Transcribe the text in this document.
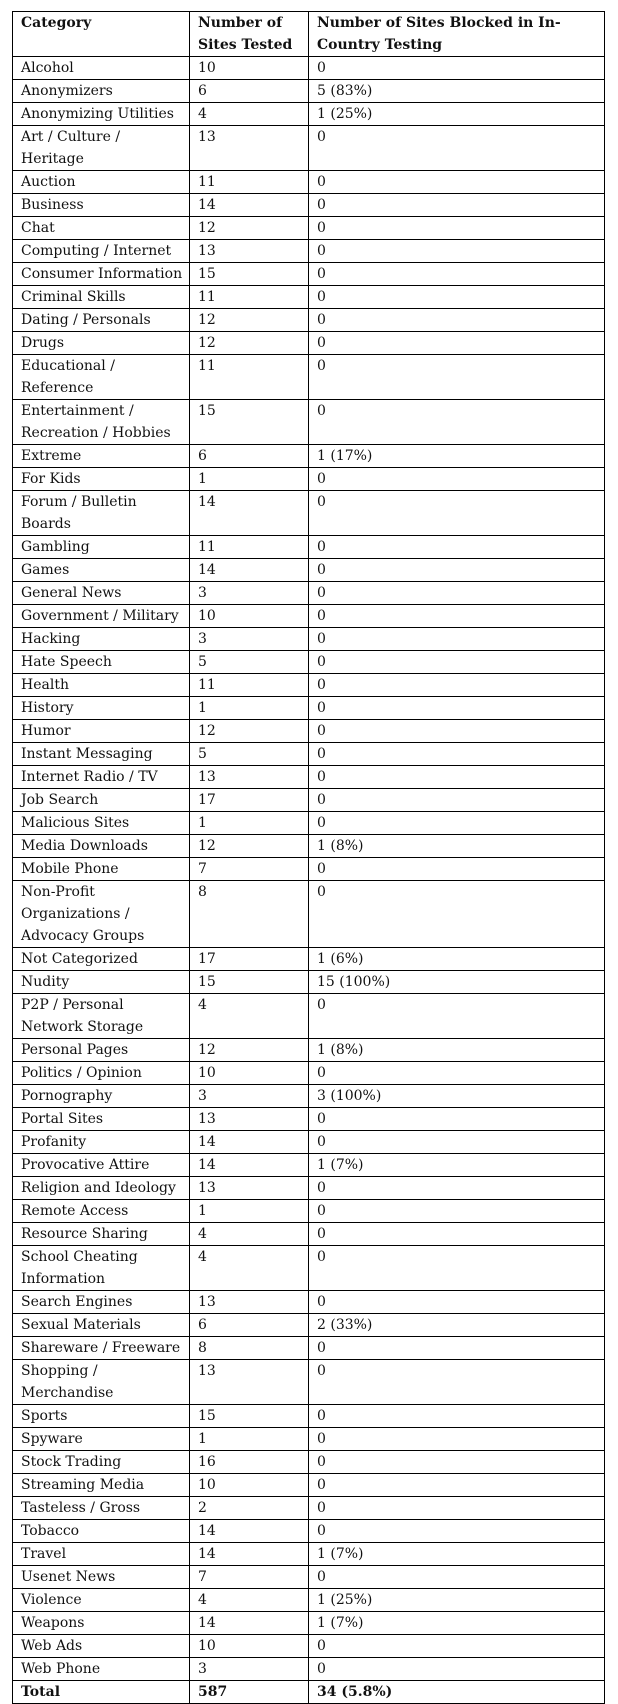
Category	Number of Sites Tested	Number of Sites Blocked in In-Country Testing
Alcohol	10	0
Anonymizers	6	5 (83%)
Anonymizing Utilities	4	1 (25%)
Art / Culture / Heritage	13	0
Auction	11	0
Business	14	0
Chat	12	0
Computing / Internet	13	0
Consumer Information	15	0
Criminal Skills	11	0
Dating / Personals	12	0
Drugs	12	0
Educational / Reference	11	0
Entertainment / Recreation / Hobbies	15	0
Extreme	6	1 (17%)
For Kids	1	0
Forum / Bulletin Boards	14	0
Gambling	11	0
Games	14	0
General News	3	0
Government / Military	10	0
Hacking	3	0
Hate Speech	5	0
Health	11	0
History	1	0
Humor	12	0
Instant Messaging	5	0
Internet Radio / TV	13	0
Job Search	17	0
Malicious Sites	1	0
Media Downloads	12	1 (8%)
Mobile Phone	7	0
Non-Profit Organizations / Advocacy Groups	8	0
Not Categorized	17	1 (6%)
Nudity	15	15 (100%)
P2P / Personal Network Storage	4	0
Personal Pages	12	1 (8%)
Politics / Opinion	10	0
Pornography	3	3 (100%)
Portal Sites	13	0
Profanity	14	0
Provocative Attire	14	1 (7%)
Religion and Ideology	13	0
Remote Access	1	0
Resource Sharing	4	0
School Cheating Information	4	0
Search Engines	13	0
Sexual Materials	6	2 (33%)
Shareware / Freeware	8	0
Shopping / Merchandise	13	0
Sports	15	0
Spyware	1	0
Stock Trading	16	0
Streaming Media	10	0
Tasteless / Gross	2	0
Tobacco	14	0
Travel	14	1 (7%)
Usenet News	7	0
Violence	4	1 (25%)
Weapons	14	1 (7%)
Web Ads	10	0
Web Phone	3	0
Total	587	34 (5.8%)
